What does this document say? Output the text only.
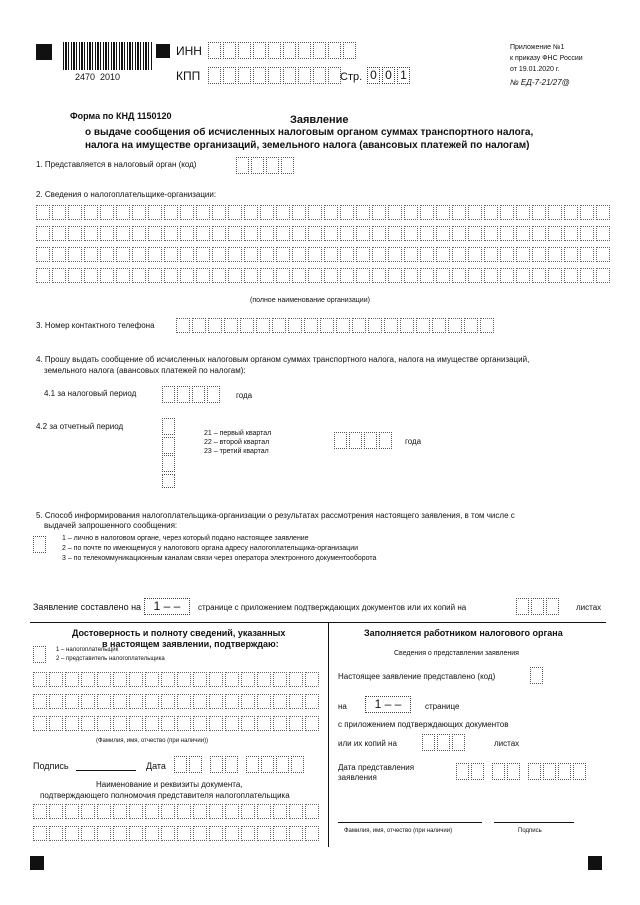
2470  2010
ИНН
КПП	Стр. 0 0 1
Приложение №1
к приказу ФНС России
от 19.01.2020 г.
№ ЕД-7-21/27@
Форма по КНД 1150120	Заявление
о выдаче сообщения об исчисленных налоговым органом суммах транспортного налога,
налога на имуществе организаций, земельного налога (авансовых платежей по налогам)
1. Представляется в налоговый орган (код)
2. Сведения о налогоплательщике-организации:
(полное наименование организации)
3. Номер контактного телефона
4. Прошу выдать сообщение об исчисленных налоговым органом суммах транспортного налога, налога на имуществе организаций,
земельного налога (авансовых платежей по налогам):
4.1 за налоговый период	года
4.2 за отчетный период
21 – первый квартал
22 – второй квартал
23 – третий квартал
года
5. Способ информирования налогоплательщика-организации о результатах рассмотрения настоящего заявления, в том числе с
выдачей запрошенного сообщения:
1 – лично в налоговом органе, через который подано настоящее заявление
2 – по почте по имеющемуся у налогового органа адресу налогоплательщика-организации
3 – по телекоммуникационным каналам связи через оператора электронного документооборота
Заявление составлено на	1 – –	странице с приложением подтверждающих документов или их копий на	листах
Достоверность и полноту сведений, указанных
в настоящем заявлении, подтверждаю:
1 – налогоплательщик
2 – представитель налогоплательщика
(Фамилия, имя, отчество (при наличии))
Подпись	Дата
Наименование и реквизиты документа,
подтверждающего полномочия представителя налогоплательщика
Заполняется работником налогового органа
Сведения о представлении заявления
Настоящее заявление представлено (код)
на	1 – –	странице
с приложением подтверждающих документов
или их копий на	листах
Дата представления
заявления
Фамилия, имя, отчество (при наличии)	Подпись
